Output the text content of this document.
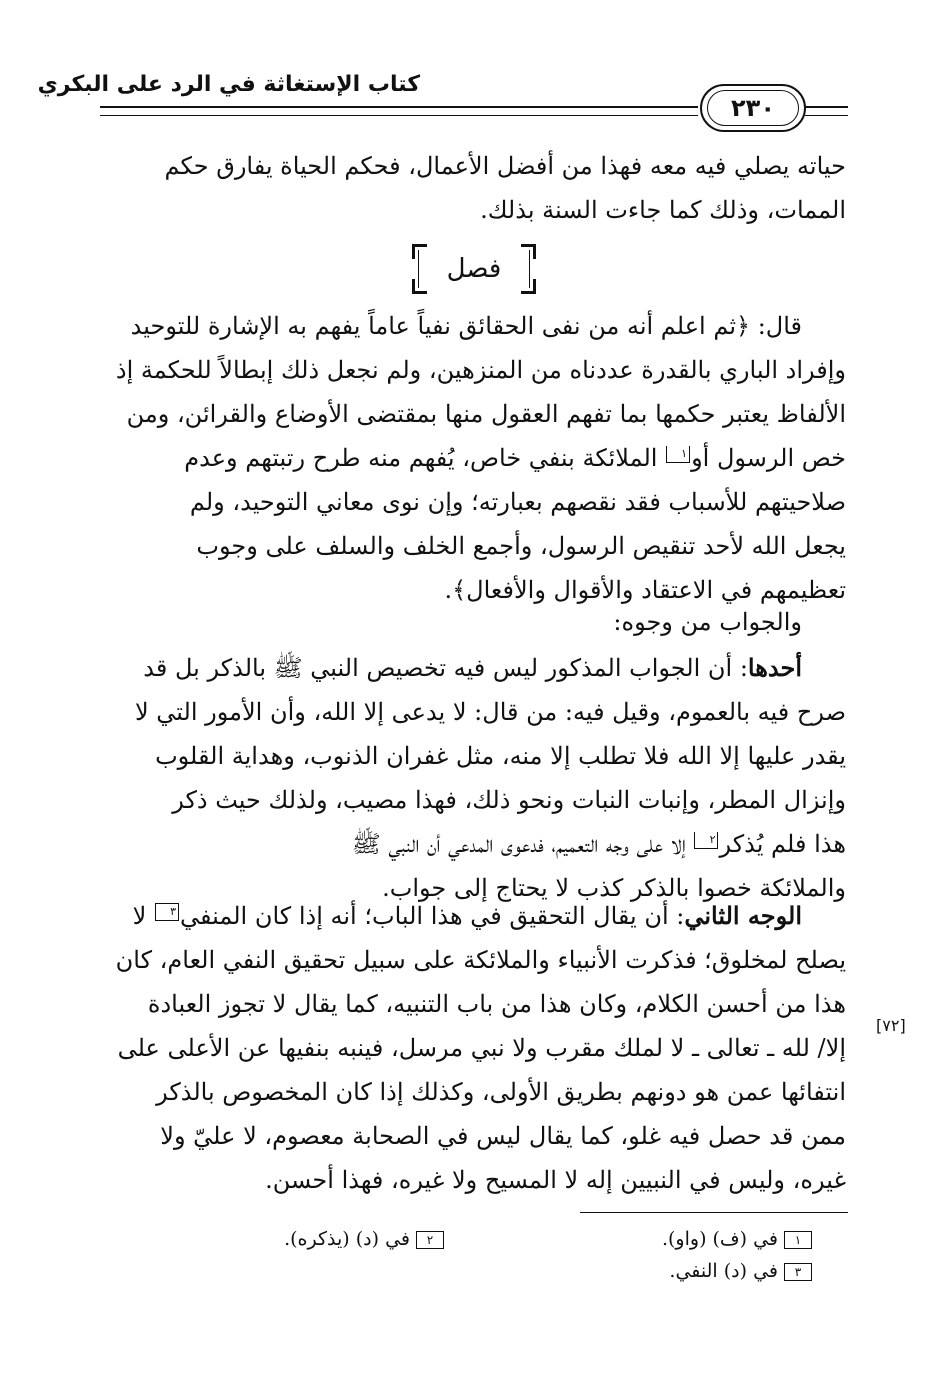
كتاب الإستغاثة في الرد على البكري
٢٣٠
حياته يصلي فيه معه فهذا من أفضل الأعمال، فحكم الحياة يفارق حكم
الممات، وذلك كما جاءت السنة بذلك.
فصل
قال: ﴿ثم اعلم أنه من نفى الحقائق نفياً عاماً يفهم به الإشارة للتوحيد
وإفراد الباري بالقدرة عددناه من المنزهين، ولم نجعل ذلك إبطالاً للحكمة إذ
الألفاظ يعتبر حكمها بما تفهم العقول منها بمقتضى الأوضاع والقرائن، ومن
خص الرسول أو١ الملائكة بنفي خاص، يُفهم منه طرح رتبتهم وعدم
صلاحيتهم للأسباب فقد نقصهم بعبارته؛ وإن نوى معاني التوحيد، ولم
يجعل الله لأحد تنقيص الرسول، وأجمع الخلف والسلف على وجوب
تعظيمهم في الاعتقاد والأقوال والأفعال﴾.
والجواب من وجوه:
أحدها: أن الجواب المذكور ليس فيه تخصيص النبي ﷺ بالذكر بل قد
صرح فيه بالعموم، وقيل فيه: من قال: لا يدعى إلا الله، وأن الأمور التي لا
يقدر عليها إلا الله فلا تطلب إلا منه، مثل غفران الذنوب، وهداية القلوب
وإنزال المطر، وإنبات النبات ونحو ذلك، فهذا مصيب، ولذلك حيث ذكر
هذا فلم يُذكر٢ إلا على وجه التعميم، فدعوى المدعي أن النبي ﷺ
والملائكة خصوا بالذكر كذب لا يحتاج إلى جواب.
الوجه الثاني: أن يقال التحقيق في هذا الباب؛ أنه إذا كان المنفي٣ لا
يصلح لمخلوق؛ فذكرت الأنبياء والملائكة على سبيل تحقيق النفي العام، كان
هذا من أحسن الكلام، وكان هذا من باب التنبيه، كما يقال لا تجوز العبادة
إلا/ لله ـ تعالى ـ لا لملك مقرب ولا نبي مرسل، فينبه بنفيها عن الأعلى على
انتفائها عمن هو دونهم بطريق الأولى، وكذلك إذا كان المخصوص بالذكر
ممن قد حصل فيه غلو، كما يقال ليس في الصحابة معصوم، لا عليّ ولا
غيره، وليس في النبيين إله لا المسيح ولا غيره، فهذا أحسن.
[٧٢]
١في (ف) (واو).
٢في (د) (يذكره).
٣في (د) النفي.
